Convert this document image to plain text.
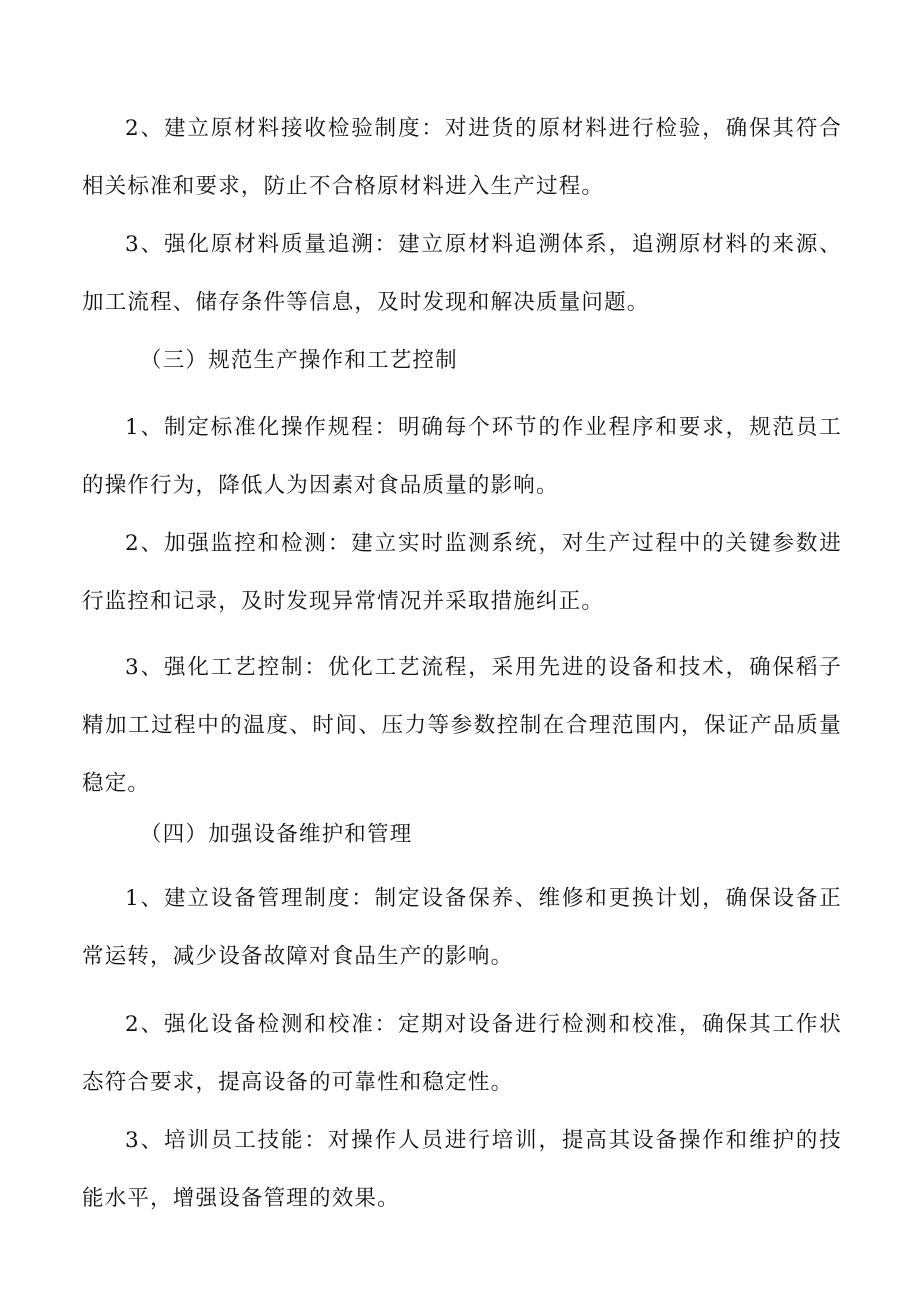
2、建立原材料接收检验制度：对进货的原材料进行检验，确保其符合相关标准和要求，防止不合格原材料进入生产过程。

3、强化原材料质量追溯：建立原材料追溯体系，追溯原材料的来源、加工流程、储存条件等信息，及时发现和解决质量问题。

（三）规范生产操作和工艺控制

1、制定标准化操作规程：明确每个环节的作业程序和要求，规范员工的操作行为，降低人为因素对食品质量的影响。

2、加强监控和检测：建立实时监测系统，对生产过程中的关键参数进行监控和记录，及时发现异常情况并采取措施纠正。

3、强化工艺控制：优化工艺流程，采用先进的设备和技术，确保稻子精加工过程中的温度、时间、压力等参数控制在合理范围内，保证产品质量稳定。

（四）加强设备维护和管理

1、建立设备管理制度：制定设备保养、维修和更换计划，确保设备正常运转，减少设备故障对食品生产的影响。

2、强化设备检测和校准：定期对设备进行检测和校准，确保其工作状态符合要求，提高设备的可靠性和稳定性。

3、培训员工技能：对操作人员进行培训，提高其设备操作和维护的技能水平，增强设备管理的效果。
